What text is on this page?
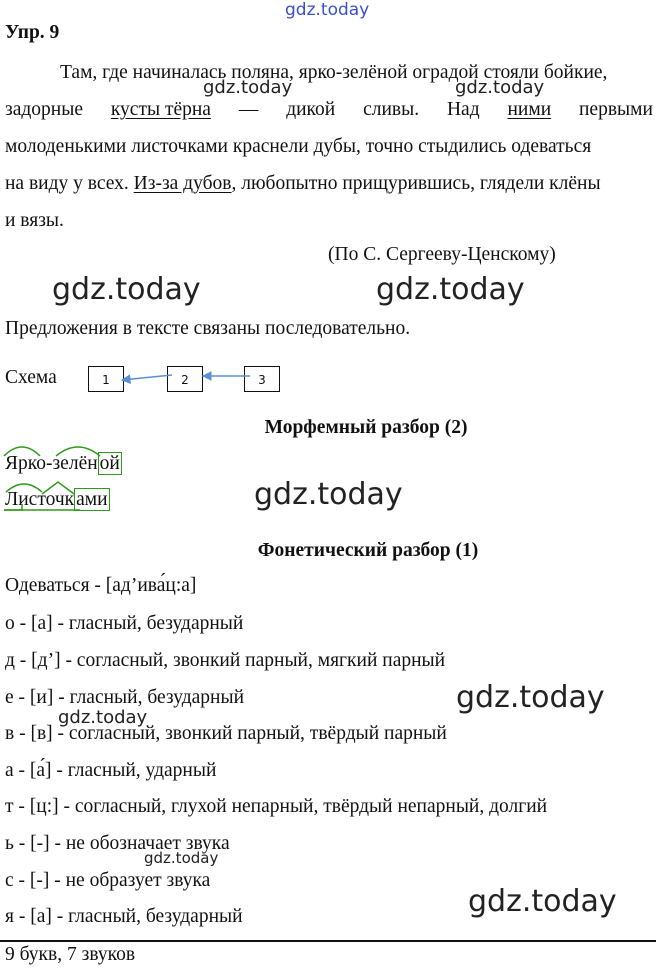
gdz.today
gdz.today	gdz.today
gdz.today	gdz.today
gdz.today
gdz.today
gdz.today
gdz.today
gdz.today
Упр. 9
Там, где начиналась поляна, ярко-зелёной оградой стояли бойкие,
задорные кусты тёрна — дикой сливы. Над ними первыми
молоденькими листочками краснели дубы, точно стыдились одеваться
на виду у всех. Из-за дубов, любопытно прищурившись, глядели клёны
и вязы.
(По С. Сергееву-Ценскому)
Предложения в тексте связаны последовательно.
Схема	1	2	3
Морфемный разбор (2)
Ярко-зелён ой
Листочк ами
Фонетический разбор (1)
Одеваться - [ад’ива́ц:а]
о - [а] - гласный, безударный
д - [д’] - согласный, звонкий парный, мягкий парный
е - [и] - гласный, безударный
в - [в] - согласный, звонкий парный, твёрдый парный
а - [а́] - гласный, ударный
т - [ц:] - согласный, глухой непарный, твёрдый непарный, долгий
ь - [-] - не обозначает звука
с - [-] - не образует звука
я - [а] - гласный, безударный
9 букв, 7 звуков
